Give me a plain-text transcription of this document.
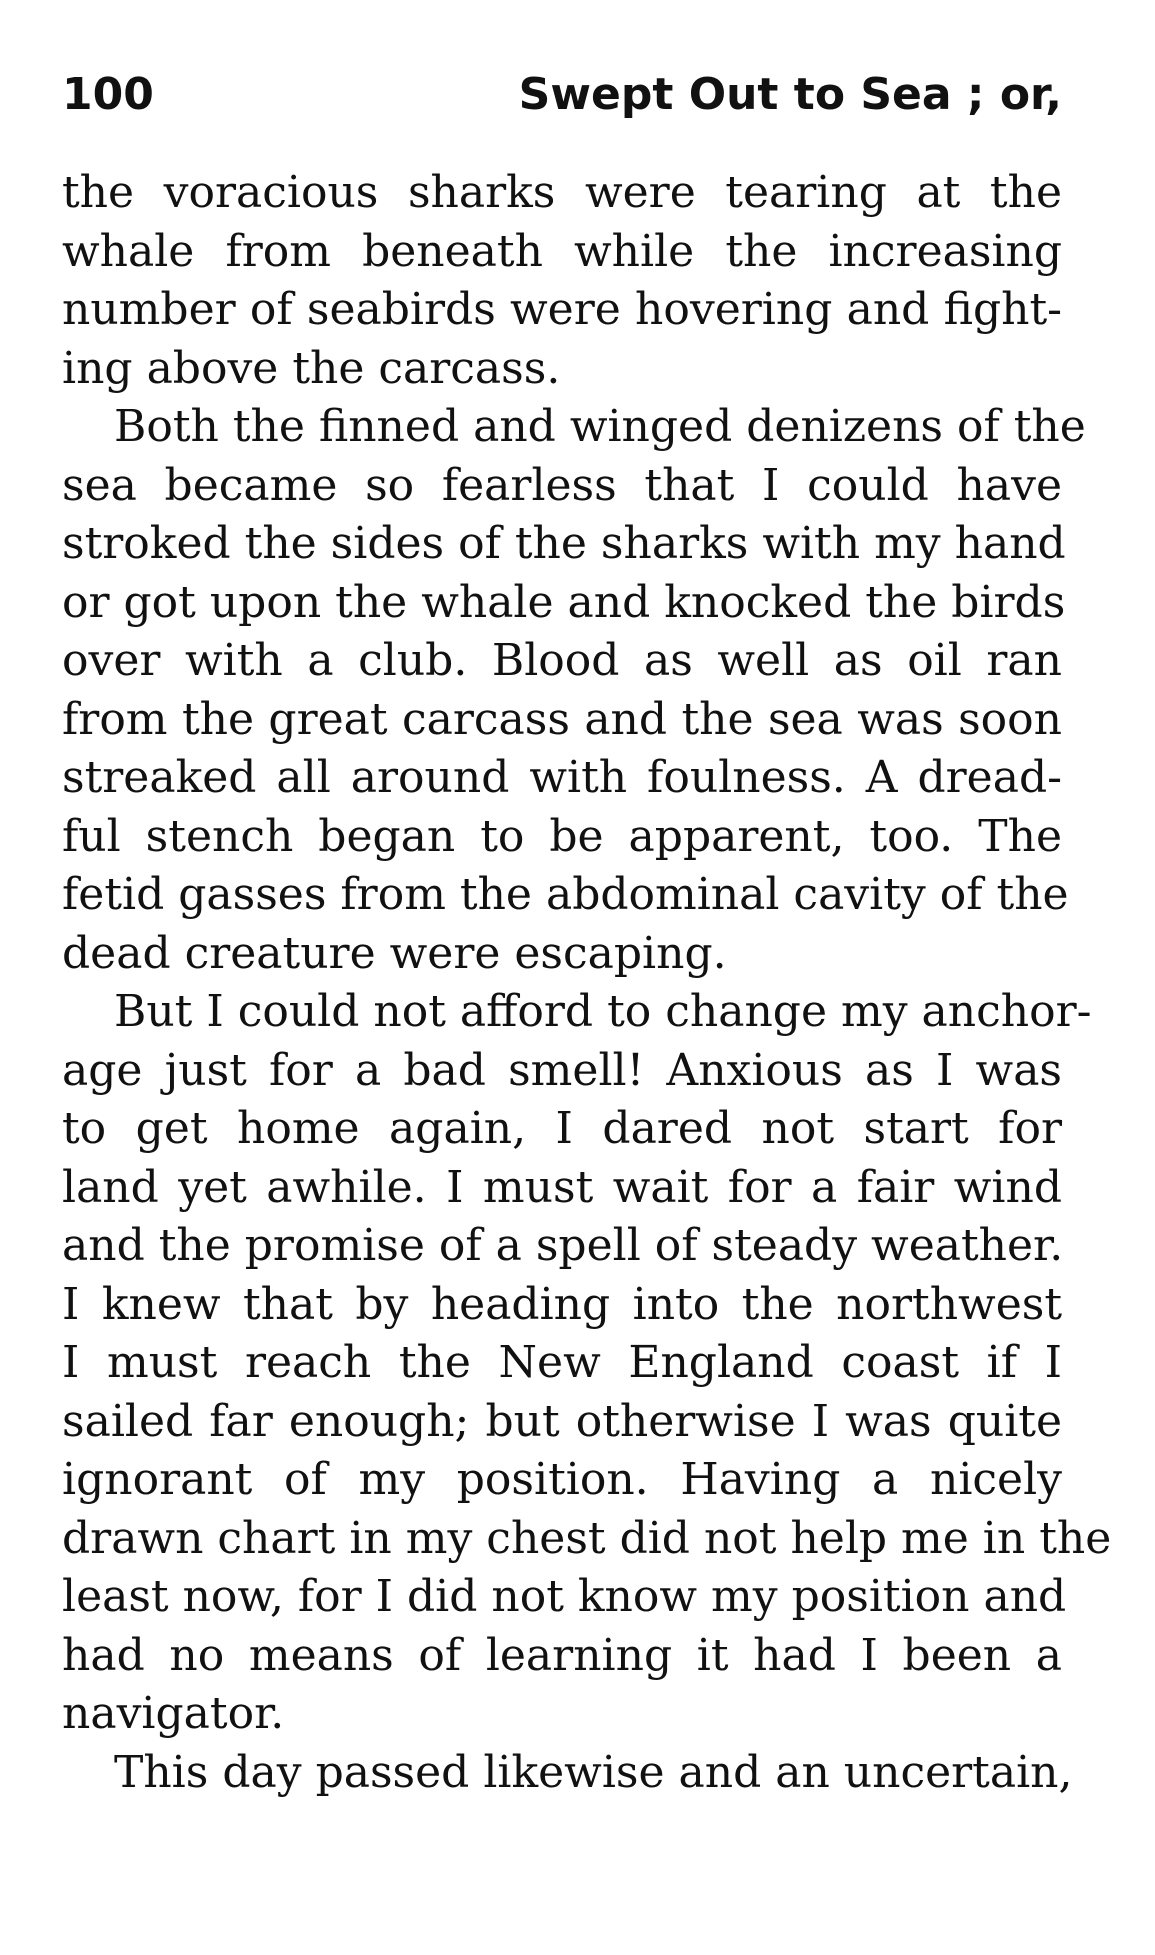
100	Swept Out to Sea ; or,

the voracious sharks were tearing at the
whale from beneath while the increasing
number of seabirds were hovering and fight-
ing above the carcass.

Both the finned and winged denizens of the
sea became so fearless that I could have
stroked the sides of the sharks with my hand
or got upon the whale and knocked the birds
over with a club. Blood as well as oil ran
from the great carcass and the sea was soon
streaked all around with foulness. A dread-
ful stench began to be apparent, too. The
fetid gasses from the abdominal cavity of the
dead creature were escaping.

But I could not afford to change my anchor-
age just for a bad smell! Anxious as I was
to get home again, I dared not start for
land yet awhile. I must wait for a fair wind
and the promise of a spell of steady weather.
I knew that by heading into the northwest
I must reach the New England coast if I
sailed far enough; but otherwise I was quite
ignorant of my position. Having a nicely
drawn chart in my chest did not help me in the
least now, for I did not know my position and
had no means of learning it had I been a
navigator.

This day passed likewise and an uncertain,
